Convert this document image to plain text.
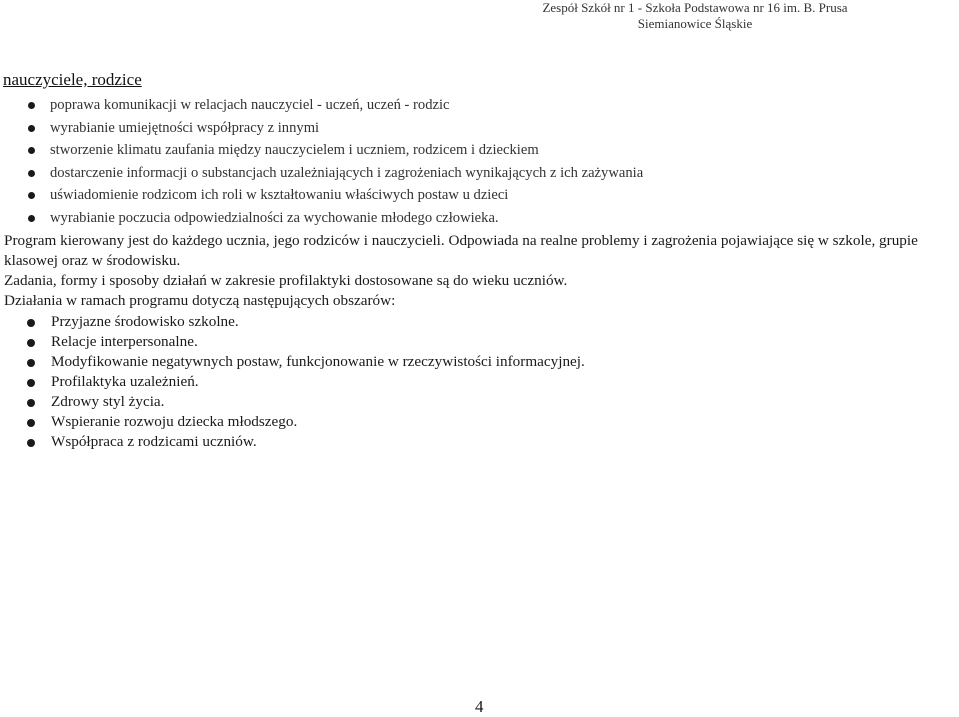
Zespół Szkół nr 1 - Szkoła Podstawowa nr 16 im. B. Prusa
Siemianowice Śląskie
nauczyciele, rodzice
poprawa komunikacji w relacjach nauczyciel - uczeń, uczeń - rodzic
wyrabianie umiejętności współpracy z innymi
stworzenie klimatu zaufania między nauczycielem i uczniem, rodzicem i dzieckiem
dostarczenie informacji o substancjach uzależniających i zagrożeniach wynikających z ich zażywania
uświadomienie rodzicom ich roli w kształtowaniu właściwych postaw u dzieci
wyrabianie poczucia odpowiedzialności za wychowanie młodego człowieka.

Program kierowany jest do każdego ucznia, jego rodziców i nauczycieli. Odpowiada na realne problemy i zagrożenia pojawiające się w szkole, grupie klasowej oraz w środowisku.

Zadania, formy i sposoby działań w zakresie profilaktyki dostosowane są do wieku uczniów.

Działania w ramach programu dotyczą następujących obszarów:

Przyjazne środowisko szkolne.
Relacje interpersonalne.
Modyfikowanie negatywnych postaw, funkcjonowanie w rzeczywistości informacyjnej.
Profilaktyka uzależnień.
Zdrowy styl życia.
Wspieranie rozwoju dziecka młodszego.
Współpraca z rodzicami uczniów.
4
